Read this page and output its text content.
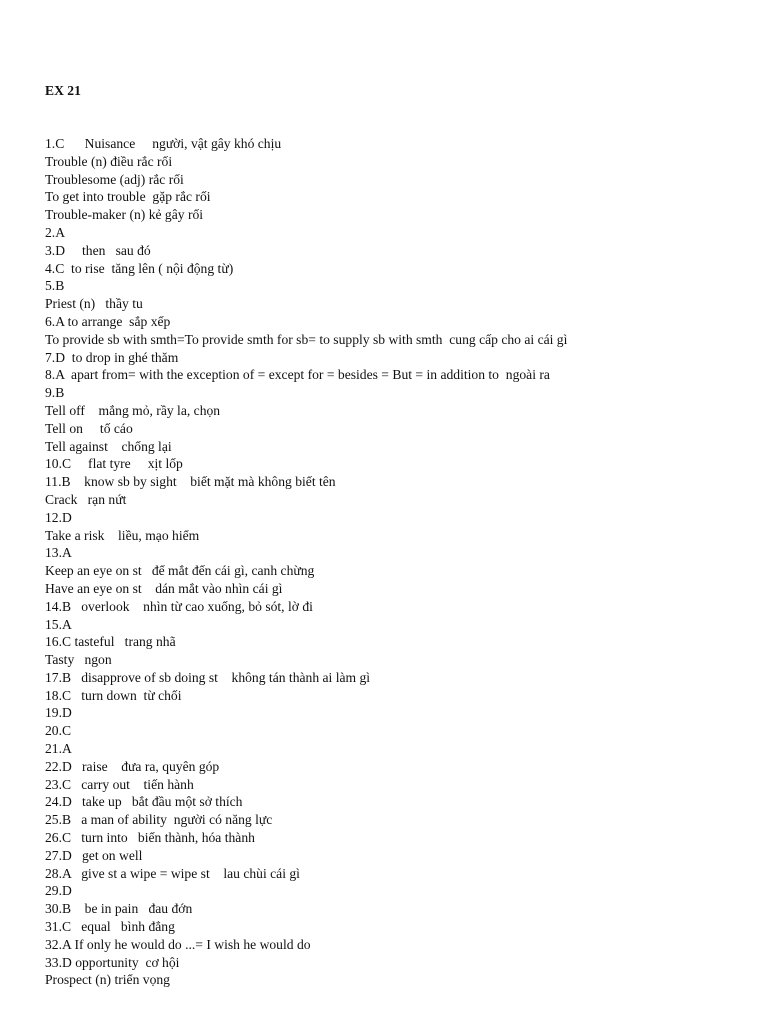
EX 21

1.C      Nuisance     người, vật gây khó chịu
Trouble (n) điều rắc rối
Troublesome (adj) rắc rối
To get into trouble  gặp rắc rối
Trouble-maker (n) kẻ gây rối
2.A
3.D     then   sau đó
4.C  to rise  tăng lên ( nội động từ)
5.B
Priest (n)   thầy tu
6.A to arrange  sắp xếp
To provide sb with smth=To provide smth for sb= to supply sb with smth  cung cấp cho ai cái gì
7.D  to drop in ghé thăm
8.A  apart from= with the exception of = except for = besides = But = in addition to  ngoài ra
9.B
Tell off    mắng mỏ, rầy la, chọn
Tell on     tố cáo
Tell against    chống lại
10.C     flat tyre     xịt lốp
11.B    know sb by sight    biết mặt mà không biết tên
Crack   rạn nứt
12.D
Take a risk    liều, mạo hiểm
13.A
Keep an eye on st   để mắt đến cái gì, canh chừng
Have an eye on st    dán mắt vào nhìn cái gì
14.B   overlook    nhìn từ cao xuống, bỏ sót, lờ đi
15.A
16.C tasteful   trang nhã
Tasty   ngon
17.B   disapprove of sb doing st    không tán thành ai làm gì
18.C   turn down  từ chối
19.D
20.C
21.A
22.D   raise    đưa ra, quyên góp
23.C   carry out    tiến hành
24.D   take up   bắt đầu một sở thích
25.B   a man of ability  người có năng lực
26.C   turn into   biến thành, hóa thành
27.D   get on well
28.A   give st a wipe = wipe st    lau chùi cái gì
29.D
30.B    be in pain   đau đớn
31.C   equal   bình đẳng
32.A If only he would do ...= I wish he would do
33.D opportunity  cơ hội
Prospect (n) triển vọng
